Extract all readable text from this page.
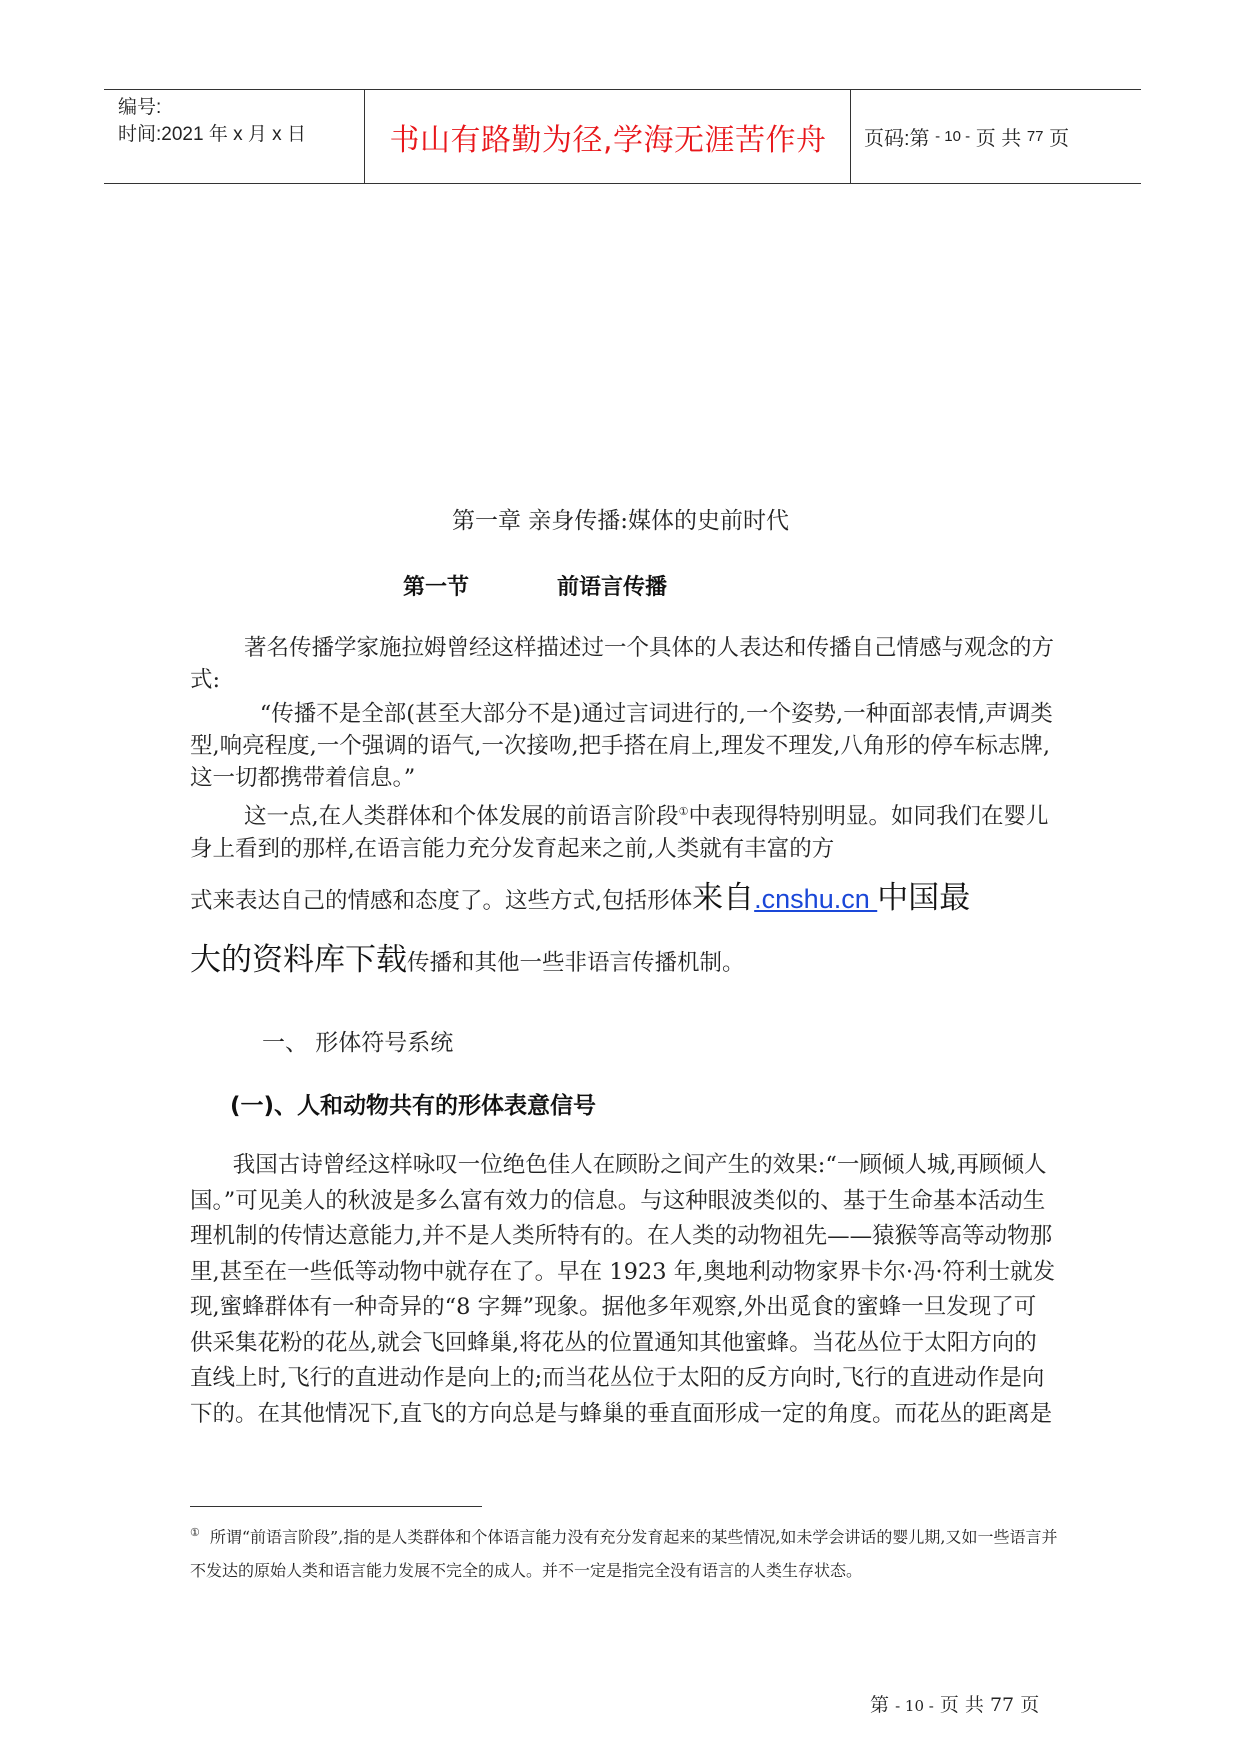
编号:
时间:2021 年 x 月 x 日	书山有路勤为径,学海无涯苦作舟	页码:第
- 10 -
页 共
77
页
第一章 亲身传播:媒体的史前时代
第一节	前语言传播
著名传播学家施拉姆曾经这样描述过一个具体的人表达和传播自己情感与观念的方式:
“传播不是全部(甚至大部分不是)通过言词进行的,一个姿势,一种面部表情,声调类型,响亮程度,一个强调的语气,一次接吻,把手搭在肩上,理发不理发,八角形的停车标志牌,这一切都携带着信息。”
这一点,在人类群体和个体发展的前语言阶段①中表现得特别明显。如同我们在婴儿身上看到的那样,在语言能力充分发育起来之前,人类就有丰富的方
式来表达自己的情感和态度了。这些方式,包括形体来自.cnshu.cn 中国最
大的资料库下载传播和其他一些非语言传播机制。
一、 形体符号系统
(一)、人和动物共有的形体表意信号
我国古诗曾经这样咏叹一位绝色佳人在顾盼之间产生的效果:“一顾倾人城,再顾倾人国。”可见美人的秋波是多么富有效力的信息。与这种眼波类似的、基于生命基本活动生理机制的传情达意能力,并不是人类所特有的。在人类的动物祖先——猿猴等高等动物那里,甚至在一些低等动物中就存在了。早在 1923 年,奥地利动物家界卡尔·冯·符利士就发现,蜜蜂群体有一种奇异的“8 字舞”现象。据他多年观察,外出觅食的蜜蜂一旦发现了可供采集花粉的花丛,就会飞回蜂巢,将花丛的位置通知其他蜜蜂。当花丛位于太阳方向的直线上时,飞行的直进动作是向上的;而当花丛位于太阳的反方向时,飞行的直进动作是向下的。在其他情况下,直飞的方向总是与蜂巢的垂直面形成一定的角度。而花丛的距离是
① 所谓“前语言阶段”,指的是人类群体和个体语言能力没有充分发育起来的某些情况,如未学会讲话的婴儿期,又如一些语言并不发达的原始人类和语言能力发展不完全的成人。并不一定是指完全没有语言的人类生存状态。
第 - 10 - 页 共 77 页
